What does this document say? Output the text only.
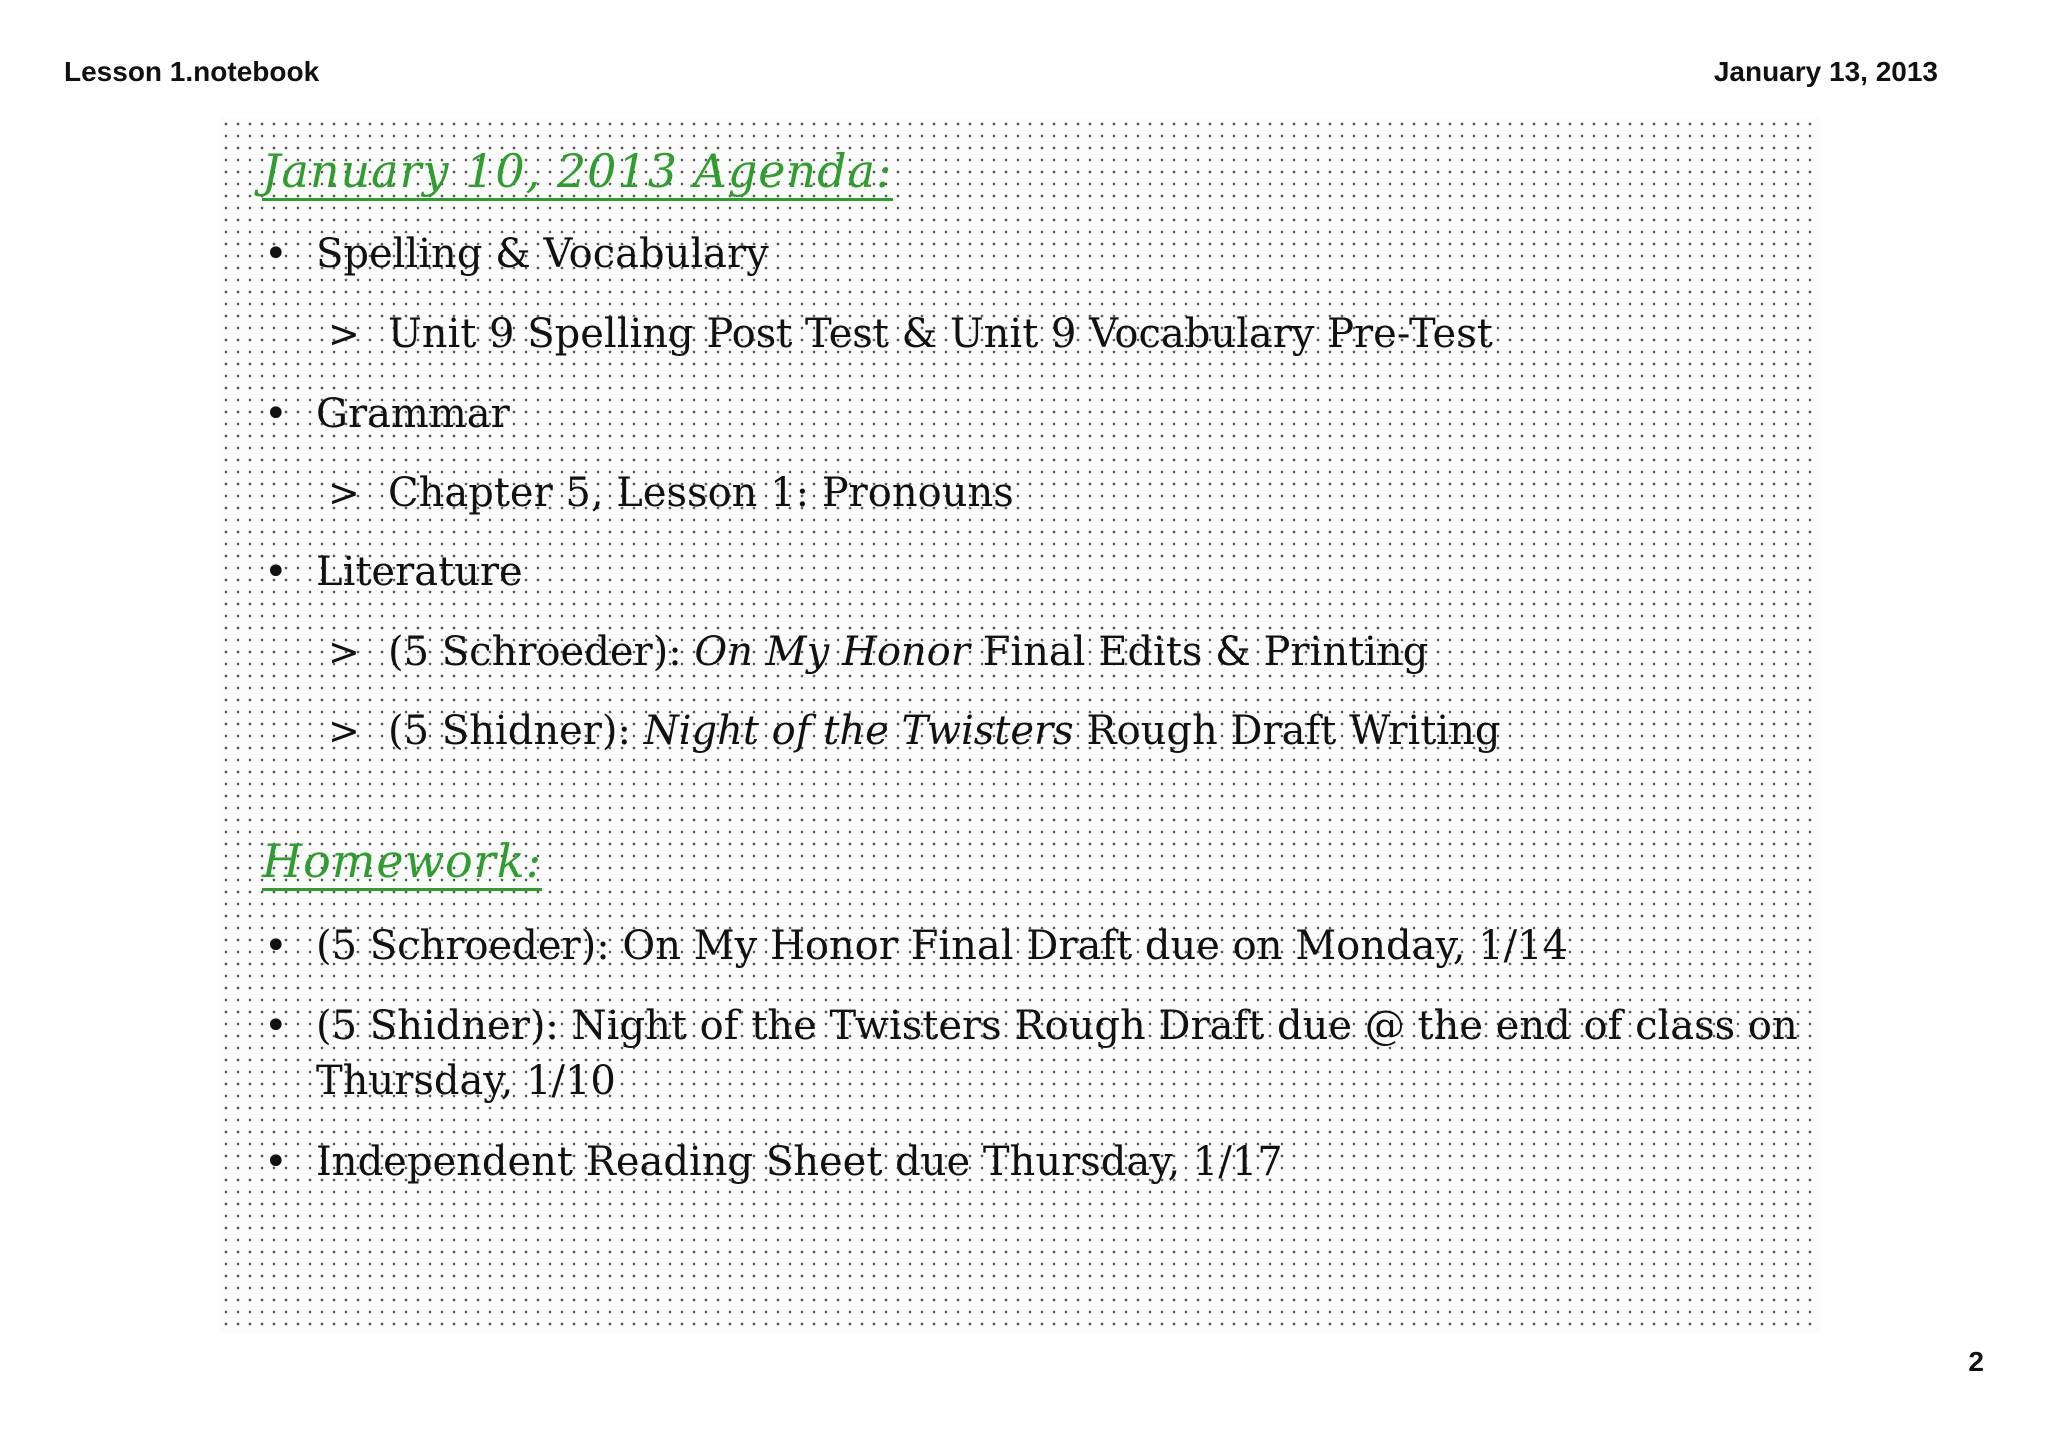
Lesson 1.notebook	January 13, 2013
January 10, 2013 Agenda:
• Spelling & Vocabulary
> Unit 9 Spelling Post Test & Unit 9 Vocabulary Pre-Test
• Grammar
> Chapter 5, Lesson 1: Pronouns
• Literature
> (5 Schroeder): On My Honor Final Edits & Printing
> (5 Shidner): Night of the Twisters Rough Draft Writing
Homework:
• (5 Schroeder): On My Honor Final Draft due on Monday, 1/14
• (5 Shidner): Night of the Twisters Rough Draft due @ the end of class on
Thursday, 1/10
• Independent Reading Sheet due Thursday, 1/17
2
